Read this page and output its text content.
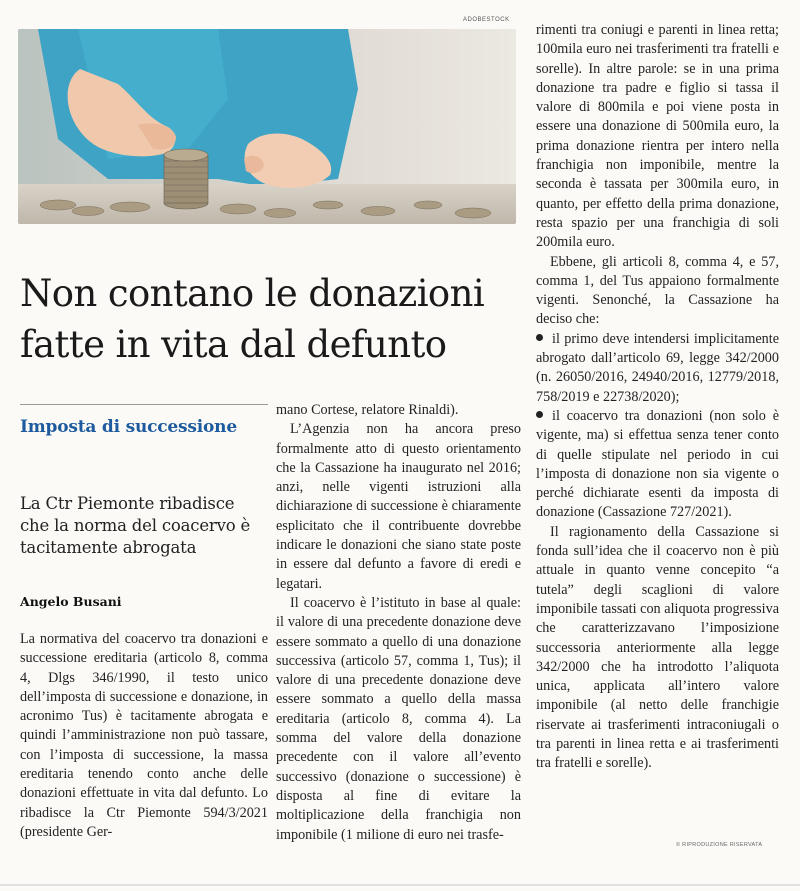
ADOBESTOCK
Non contano le donazioni fatte in vita dal defunto
Imposta di successione
La Ctr Piemonte ribadisce che la norma del coacervo è tacitamente abrogata
Angelo Busani

La normativa del coacervo tra donazioni e successione ereditaria (articolo 8, comma 4, Dlgs 346/1990, il testo unico dell’imposta di successione e donazione, in acronimo Tus) è tacitamente abrogata e quindi l’amministrazione non può tassare, con l’imposta di successione, la massa ereditaria tenendo conto anche delle donazioni effettuate in vita dal defunto. Lo ribadisce la Ctr Piemonte 594/3/2021 (presidente Ger-

mano Cortese, relatore Rinaldi).

L’Agenzia non ha ancora preso formalmente atto di questo orientamento che la Cassazione ha inaugurato nel 2016; anzi, nelle vigenti istruzioni alla dichiarazione di successione è chiaramente esplicitato che il contribuente dovrebbe indicare le donazioni che siano state poste in essere dal defunto a favore di eredi e legatari.

Il coacervo è l’istituto in base al quale: il valore di una precedente donazione deve essere sommato a quello di una donazione successiva (articolo 57, comma 1, Tus); il valore di una precedente donazione deve essere sommato a quello della massa ereditaria (articolo 8, comma 4). La somma del valore della donazione precedente con il valore all’evento successivo (donazione o successione) è disposta al fine di evitare la moltiplicazione della franchigia non imponibile (1 milione di euro nei trasfe-

rimenti tra coniugi e parenti in linea retta; 100mila euro nei trasferimenti tra fratelli e sorelle). In altre parole: se in una prima donazione tra padre e figlio si tassa il valore di 800mila e poi viene posta in essere una donazione di 500mila euro, la prima donazione rientra per intero nella franchigia non imponibile, mentre la seconda è tassata per 300mila euro, in quanto, per effetto della prima donazione, resta spazio per una franchigia di soli 200mila euro.

Ebbene, gli articoli 8, comma 4, e 57, comma 1, del Tus appaiono formalmente vigenti. Senonché, la Cassazione ha deciso che:

il primo deve intendersi implicitamente abrogato dall’articolo 69, legge 342/2000 (n. 26050/2016, 24940/2016, 12779/2018, 758/2019 e 22738/2020);

il coacervo tra donazioni (non solo è vigente, ma) si effettua senza tener conto di quelle stipulate nel periodo in cui l’imposta di donazione non sia vigente o perché dichiarate esenti da imposta di donazione (Cassazione 727/2021).

Il ragionamento della Cassazione si fonda sull’idea che il coacervo non è più attuale in quanto venne concepito “a tutela” degli scaglioni di valore imponibile tassati con aliquota progressiva che caratterizzavano l’imposizione successoria anteriormente alla legge 342/2000 che ha introdotto l’aliquota unica, applicata all’intero valore imponibile (al netto delle franchigie riservate ai trasferimenti intraconiugali o tra parenti in linea retta e ai trasferimenti tra fratelli e sorelle).

© RIPRODUZIONE RISERVATA
